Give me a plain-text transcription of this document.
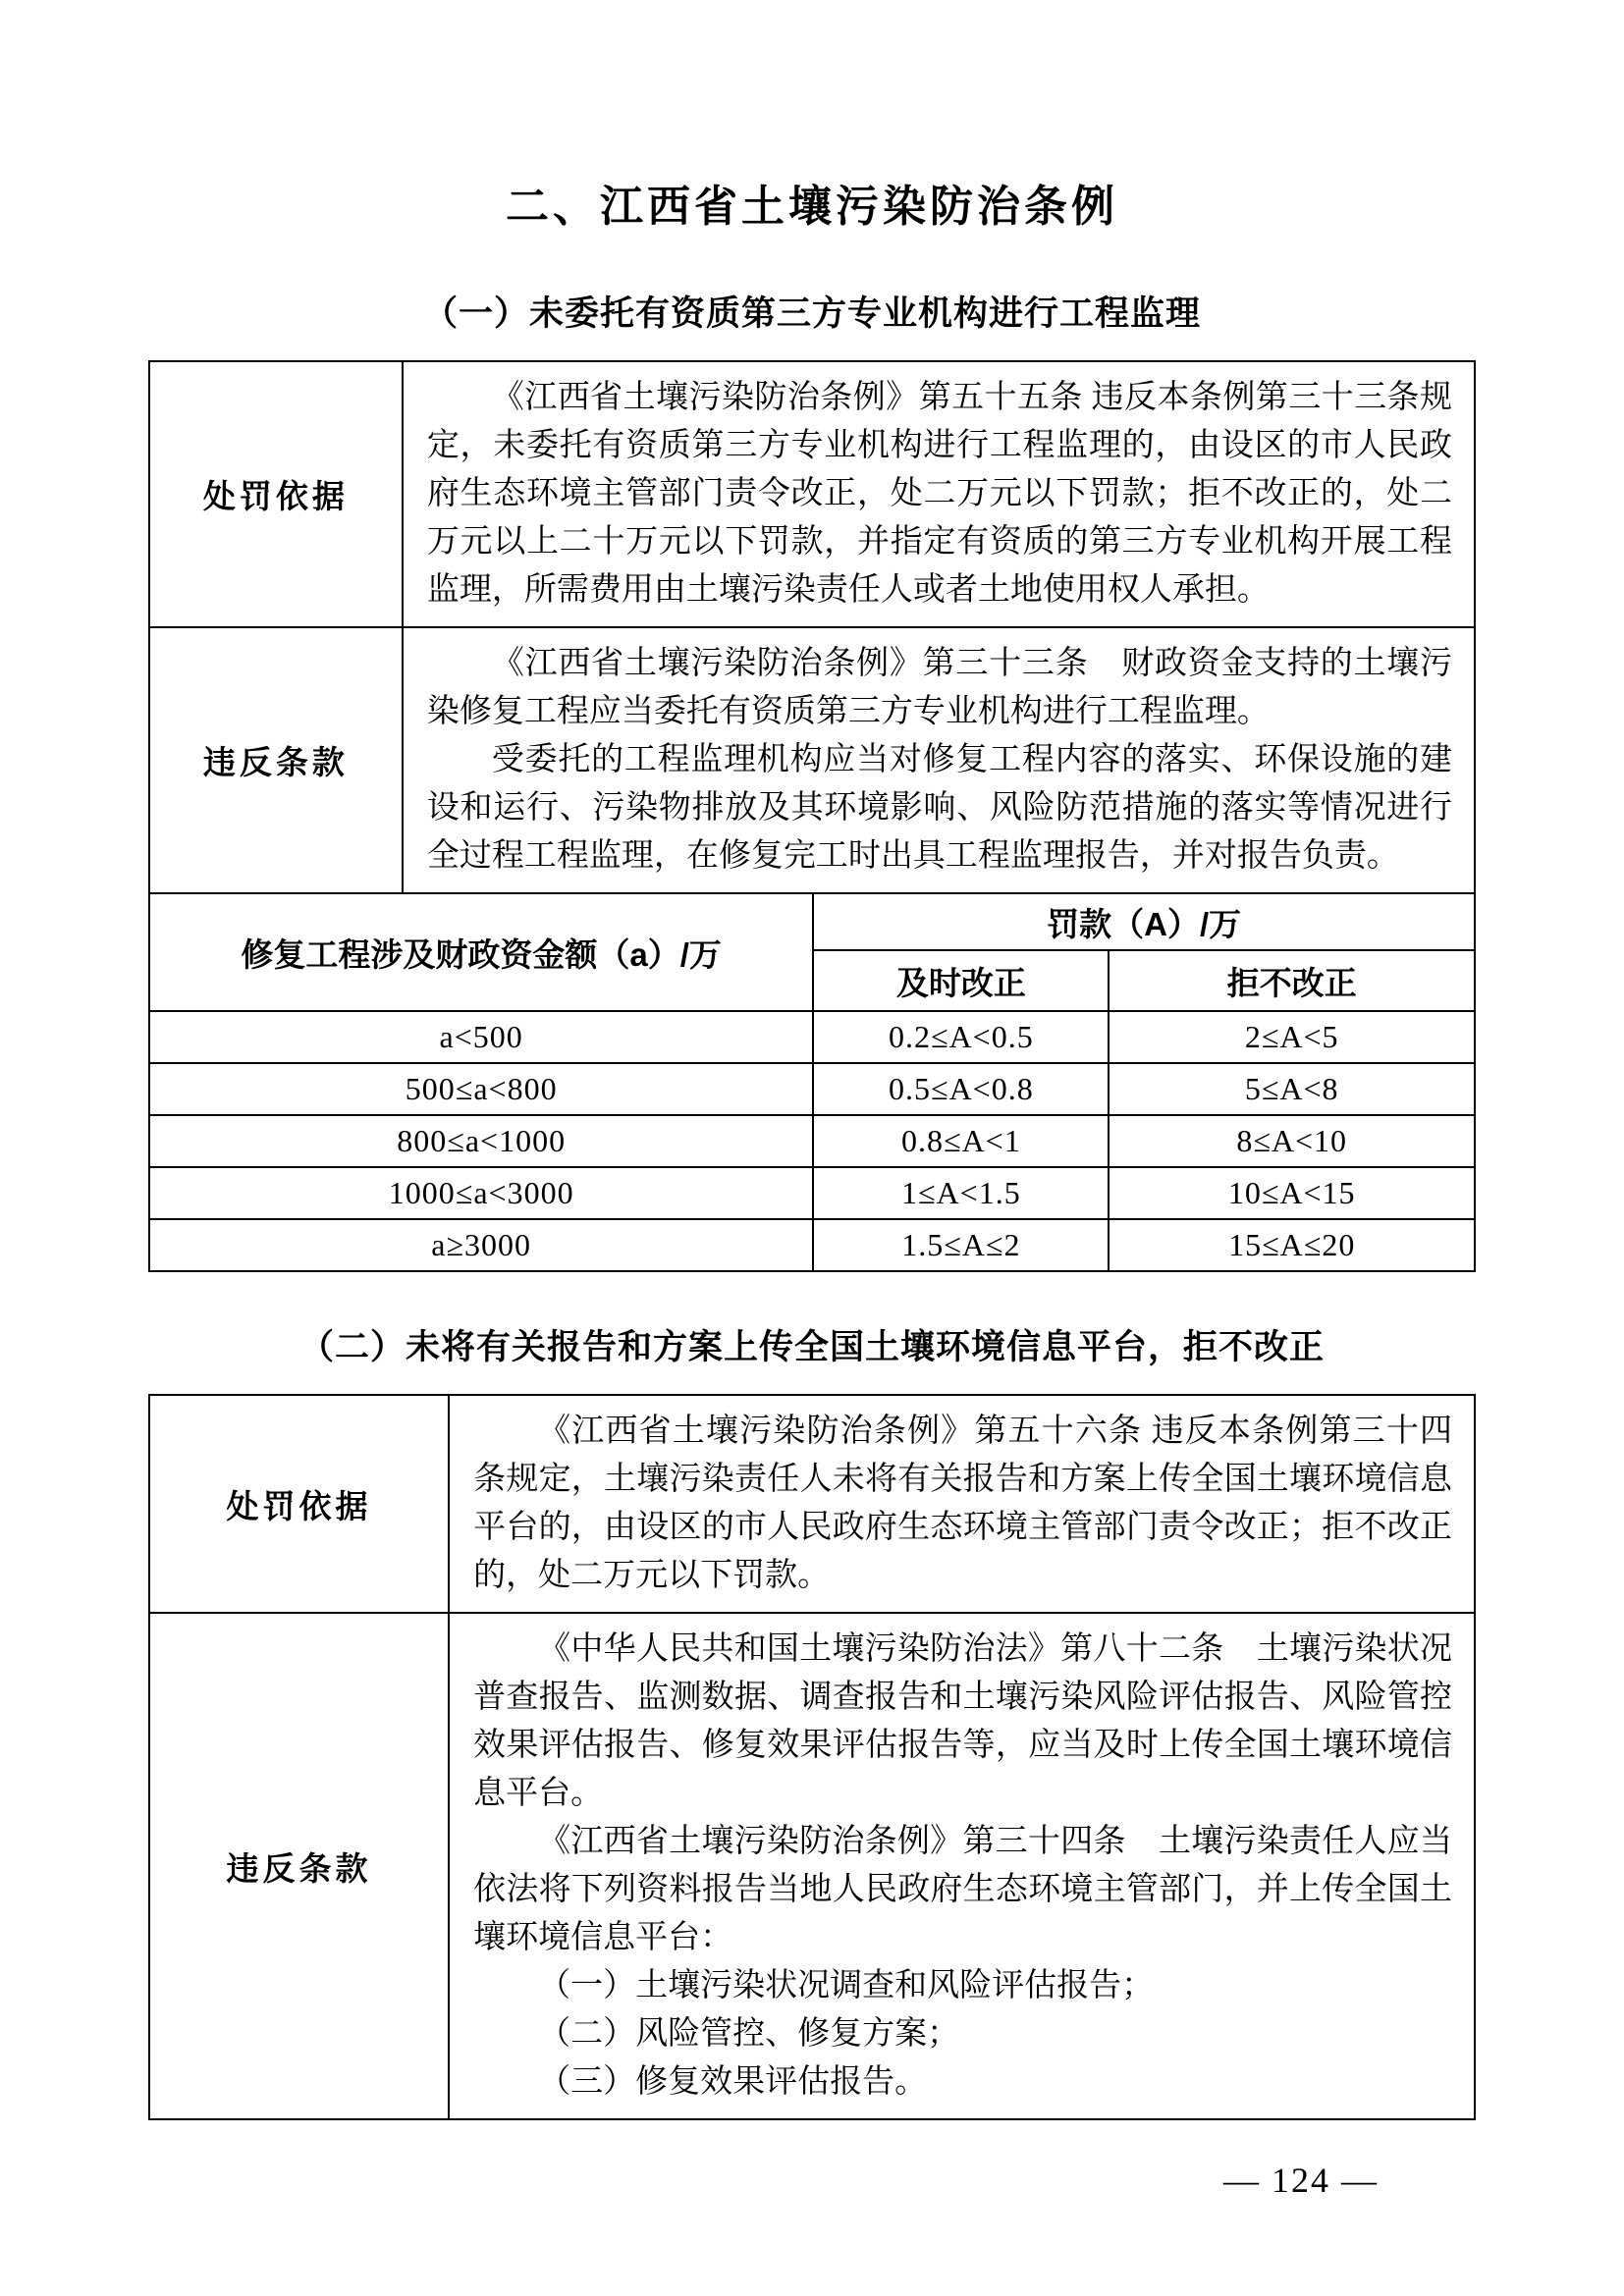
二、江西省土壤污染防治条例
（一）未委托有资质第三方专业机构进行工程监理
处罚依据	《江西省土壤污染防治条例》第五十五条 违反本条例第三十三条规定，未委托有资质第三方专业机构进行工程监理的，由设区的市人民政府生态环境主管部门责令改正，处二万元以下罚款；拒不改正的，处二万元以上二十万元以下罚款，并指定有资质的第三方专业机构开展工程监理，所需费用由土壤污染责任人或者土地使用权人承担。

违反条款	《江西省土壤污染防治条例》第三十三条　财政资金支持的土壤污染修复工程应当委托有资质第三方专业机构进行工程监理。

受委托的工程监理机构应当对修复工程内容的落实、环保设施的建设和运行、污染物排放及其环境影响、风险防范措施的落实等情况进行全过程工程监理，在修复完工时出具工程监理报告，并对报告负责。

修复工程涉及财政资金额（a）/万	罚款（A）/万	
	及时改正	拒不改正
a<500	0.2≤A<0.5	2≤A<5
500≤a<800	0.5≤A<0.8	5≤A<8
800≤a<1000	0.8≤A<1	8≤A<10
1000≤a<3000	1≤A<1.5	10≤A<15
a≥3000	1.5≤A≤2	15≤A≤20
（二）未将有关报告和方案上传全国土壤环境信息平台，拒不改正
处罚依据	《江西省土壤污染防治条例》第五十六条 违反本条例第三十四条规定，土壤污染责任人未将有关报告和方案上传全国土壤环境信息平台的，由设区的市人民政府生态环境主管部门责令改正；拒不改正的，处二万元以下罚款。

违反条款	《中华人民共和国土壤污染防治法》第八十二条　土壤污染状况普查报告、监测数据、调查报告和土壤污染风险评估报告、风险管控效果评估报告、修复效果评估报告等，应当及时上传全国土壤环境信息平台。

《江西省土壤污染防治条例》第三十四条　土壤污染责任人应当依法将下列资料报告当地人民政府生态环境主管部门，并上传全国土壤环境信息平台：

（一）土壤污染状况调查和风险评估报告；

（二）风险管控、修复方案；

（三）修复效果评估报告。

— 124 —
